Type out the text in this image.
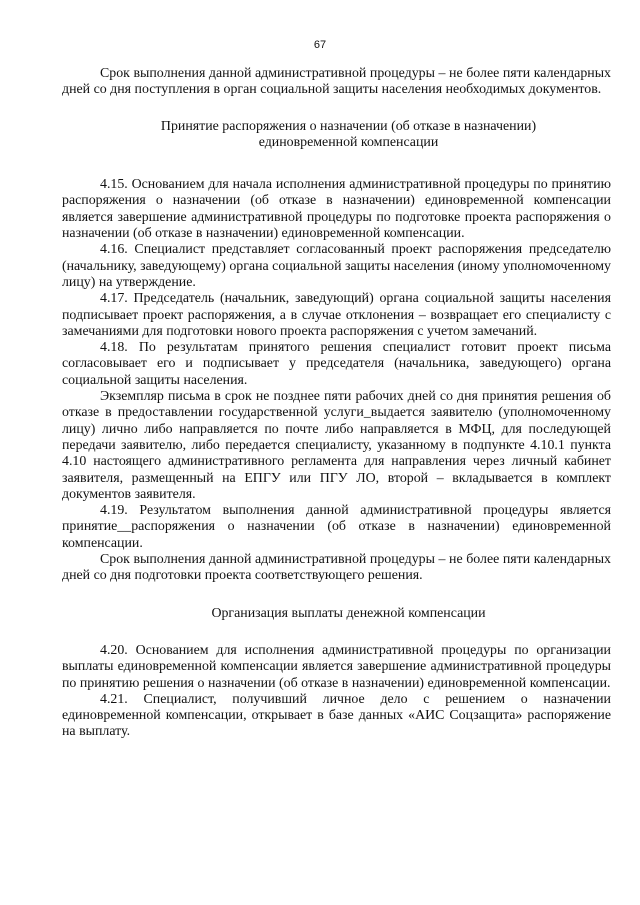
67

Срок выполнения данной административной процедуры – не более пяти календарных дней со дня поступления в орган социальной защиты населения необходимых документов.

Принятие распоряжения о назначении (об отказе в назначении)

единовременной компенсации

4.15. Основанием для начала исполнения административной процедуры по принятию распоряжения о назначении (об отказе в назначении) единовременной компенсации является завершение административной процедуры по подготовке проекта распоряжения о назначении (об отказе в назначении) единовременной компенсации.

4.16. Специалист представляет согласованный проект распоряжения председателю (начальнику, заведующему) органа социальной защиты населения (иному уполномоченному лицу) на утверждение.

4.17. Председатель (начальник, заведующий) органа социальной защиты населения подписывает проект распоряжения, а в случае отклонения – возвращает его специалисту с замечаниями для подготовки нового проекта распоряжения с учетом замечаний.

4.18. По результатам принятого решения специалист готовит проект письма согласовывает его и подписывает у председателя (начальника, заведующего) органа социальной защиты населения.

Экземпляр письма в срок не позднее пяти рабочих дней со дня принятия решения об отказе в предоставлении государственной услуги_выдается заявителю (уполномоченному лицу) лично либо направляется по почте либо направляется в МФЦ, для последующей передачи заявителю, либо передается специалисту, указанному в подпункте 4.10.1 пункта 4.10 настоящего административного регламента для направления через личный кабинет заявителя, размещенный на ЕПГУ или ПГУ ЛО, второй – вкладывается в комплект документов заявителя.

4.19. Результатом выполнения данной административной процедуры является принятие__распоряжения о назначении (об отказе в назначении) единовременной компенсации.

Срок выполнения данной административной процедуры – не более пяти календарных дней со дня подготовки проекта соответствующего решения.

Организация выплаты денежной компенсации

4.20. Основанием для исполнения административной процедуры по организации выплаты единовременной компенсации является завершение административной процедуры по принятию решения о назначении (об отказе в назначении) единовременной компенсации.

4.21. Специалист, получивший личное дело с решением о назначении единовременной компенсации, открывает в базе данных «АИС Соцзащита» распоряжение на выплату.
